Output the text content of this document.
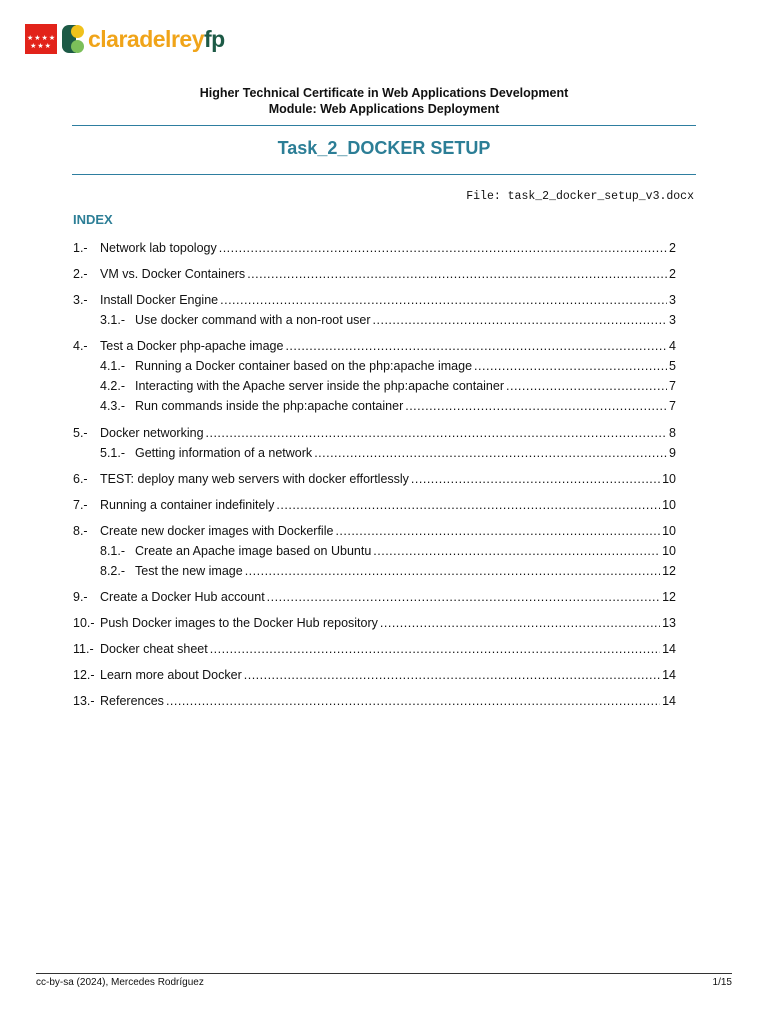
★★★★ ★★★ claradelreyfp
Higher Technical Certificate in Web Applications Development
Module: Web Applications Deployment
Task_2_DOCKER SETUP
File: task_2_docker_setup_v3.docx
INDEX
1.- Network lab topology .....	2
2.- VM vs. Docker Containers .....	2
3.- Install Docker Engine .....	3
3.1.- Use docker command with a non-root user .....	3
4.- Test a Docker php-apache image .....	4
4.1.- Running a Docker container based on the php:apache image .....	5
4.2.- Interacting with the Apache server inside the php:apache container .....	7
4.3.- Run commands inside the php:apache container .....	7
5.- Docker networking .....	8
5.1.- Getting information of a network .....	9
6.- TEST: deploy many web servers with docker effortlessly .....	10
7.- Running a container indefinitely .....	10
8.- Create new docker images with Dockerfile .....	10
8.1.- Create an Apache image based on Ubuntu .....	10
8.2.- Test the new image .....	12
9.- Create a Docker Hub account .....	12
10.- Push Docker images to the Docker Hub repository .....	13
11.- Docker cheat sheet .....	14
12.- Learn more about Docker .....	14
13.- References .....	14
cc-by-sa (2024), Mercedes Rodríguez	1/15
